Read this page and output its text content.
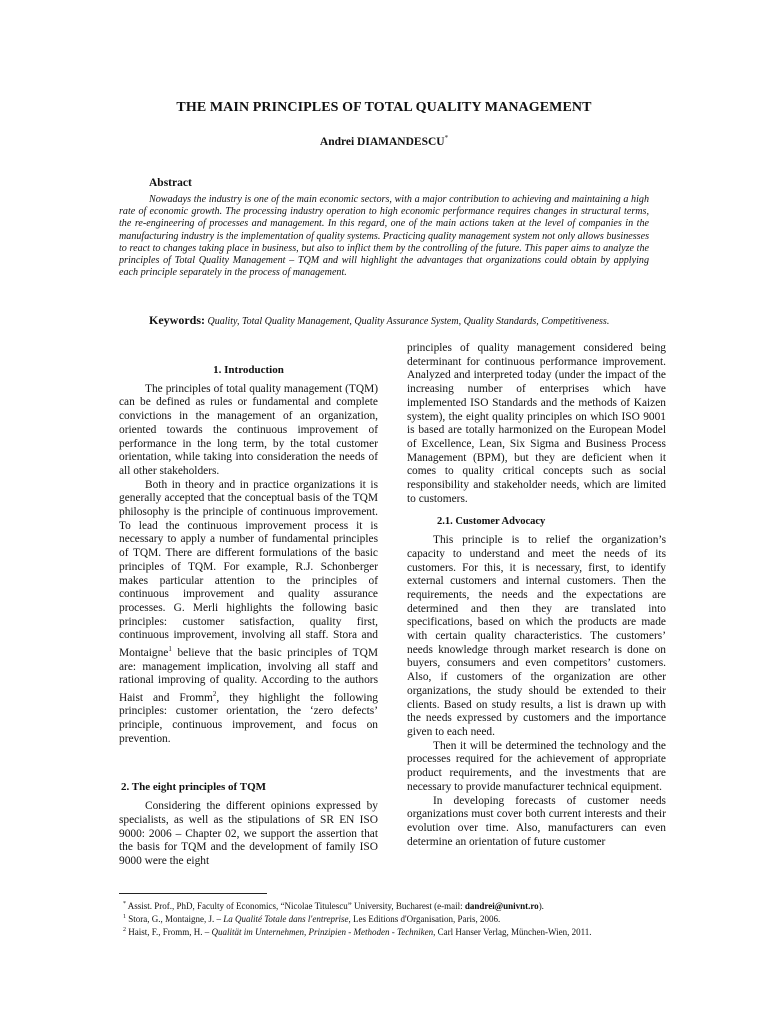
THE MAIN PRINCIPLES OF TOTAL QUALITY MANAGEMENT
Andrei DIAMANDESCU*
Abstract

Nowadays the industry is one of the main economic sectors, with a major contribution to achieving and maintaining a high rate of economic growth. The processing industry operation to high economic performance requires changes in structural terms, the re-engineering of processes and management. In this regard, one of the main actions taken at the level of companies in the manufacturing industry is the implementation of quality systems. Practicing quality management system not only allows businesses to react to changes taking place in business, but also to inflict them by the controlling of the future. This paper aims to analyze the principles of Total Quality Management – TQM and will highlight the advantages that organizations could obtain by applying each principle separately in the process of management.

Keywords: Quality, Total Quality Management, Quality Assurance System, Quality Standards, Competitiveness.
1. Introduction

The principles of total quality management (TQM) can be defined as rules or fundamental and complete convictions in the management of an organization, oriented towards the continuous improvement of performance in the long term, by the total customer orientation, while taking into consideration the needs of all other stakeholders.

Both in theory and in practice organizations it is generally accepted that the conceptual basis of the TQM philosophy is the principle of continuous improvement. To lead the continuous improvement process it is necessary to apply a number of fundamental principles of TQM. There are different formulations of the basic principles of TQM. For example, R.J. Schonberger makes particular attention to the principles of continuous improvement and quality assurance processes. G. Merli highlights the following basic principles: customer satisfaction, quality first, continuous improvement, involving all staff. Stora and Montaigne$^1$ believe that the basic principles of TQM are: management implication, involving all staff and rational improving of quality. According to the authors Haist and Fromm$^2$, they highlight the following principles: customer orientation, the ‘zero defects’ principle, continuous improvement, and focus on prevention.

2. The eight principles of TQM

Considering the different opinions expressed by specialists, as well as the stipulations of SR EN ISO 9000: 2006 – Chapter 02, we support the assertion that the basis for TQM and the development of family ISO 9000 were the eight

principles of quality management considered being determinant for continuous performance improvement. Analyzed and interpreted today (under the impact of the increasing number of enterprises which have implemented ISO Standards and the methods of Kaizen system), the eight quality principles on which ISO 9001 is based are totally harmonized on the European Model of Excellence, Lean, Six Sigma and Business Process Management (BPM), but they are deficient when it comes to quality critical concepts such as social responsibility and stakeholder needs, which are limited to customers.

2.1. Customer Advocacy

This principle is to relief the organization’s capacity to understand and meet the needs of its customers. For this, it is necessary, first, to identify external customers and internal customers. Then the requirements, the needs and the expectations are determined and then they are translated into specifications, based on which the products are made with certain quality characteristics. The customers’ needs knowledge through market research is done on buyers, consumers and even competitors’ customers. Also, if customers of the organization are other organizations, the study should be extended to their clients. Based on study results, a list is drawn up with the needs expressed by customers and the importance given to each need.

Then it will be determined the technology and the processes required for the achievement of appropriate product requirements, and the investments that are necessary to provide manufacturer technical equipment.

In developing forecasts of customer needs organizations must cover both current interests and their evolution over time. Also, manufacturers can even determine an orientation of future customer

* Assist. Prof., PhD, Faculty of Economics, “Nicolae Titulescu” University, Bucharest (e-mail: dandrei@univnt.ro).
$^1$ Stora, G., Montaigne, J. – La Qualité Totale dans l'entreprise, Les Editions d'Organisation, Paris, 2006.
$^2$ Haist, F., Fromm, H. – Qualität im Unternehmen, Prinzipien - Methoden - Techniken, Carl Hanser Verlag, München-Wien, 2011.
